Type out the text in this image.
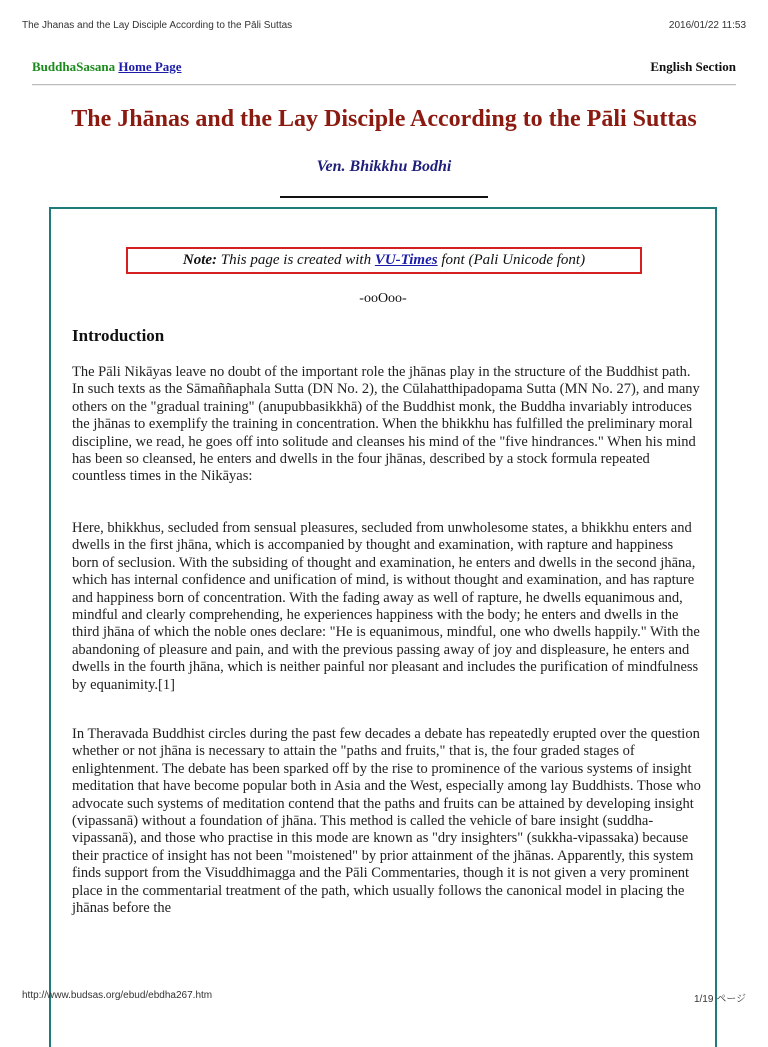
The Jhanas and the Lay Disciple According to the Pāli Suttas	2016/01/22 11:53
BuddhaSasana Home Page	English Section
The Jhānas and the Lay Disciple According to the Pāli Suttas
Ven. Bhikkhu Bodhi
Note: This page is created with VU-Times font (Pali Unicode font)
-ooOoo-
Introduction
The Pāli Nikāyas leave no doubt of the important role the jhānas play in the structure of the Buddhist path. In such texts as the Sāmaññaphala Sutta (DN No. 2), the Cūlahatthipadopama Sutta (MN No. 27), and many others on the "gradual training" (anupubbasikkhā) of the Buddhist monk, the Buddha invariably introduces the jhānas to exemplify the training in concentration. When the bhikkhu has fulfilled the preliminary moral discipline, we read, he goes off into solitude and cleanses his mind of the "five hindrances." When his mind has been so cleansed, he enters and dwells in the four jhānas, described by a stock formula repeated countless times in the Nikāyas:
Here, bhikkhus, secluded from sensual pleasures, secluded from unwholesome states, a bhikkhu enters and dwells in the first jhāna, which is accompanied by thought and examination, with rapture and happiness born of seclusion. With the subsiding of thought and examination, he enters and dwells in the second jhāna, which has internal confidence and unification of mind, is without thought and examination, and has rapture and happiness born of concentration. With the fading away as well of rapture, he dwells equanimous and, mindful and clearly comprehending, he experiences happiness with the body; he enters and dwells in the third jhāna of which the noble ones declare: "He is equanimous, mindful, one who dwells happily." With the abandoning of pleasure and pain, and with the previous passing away of joy and displeasure, he enters and dwells in the fourth jhāna, which is neither painful nor pleasant and includes the purification of mindfulness by equanimity.[1]
In Theravada Buddhist circles during the past few decades a debate has repeatedly erupted over the question whether or not jhāna is necessary to attain the "paths and fruits," that is, the four graded stages of enlightenment. The debate has been sparked off by the rise to prominence of the various systems of insight meditation that have become popular both in Asia and the West, especially among lay Buddhists. Those who advocate such systems of meditation contend that the paths and fruits can be attained by developing insight (vipassanā) without a foundation of jhāna. This method is called the vehicle of bare insight (suddha-vipassanā), and those who practise in this mode are known as "dry insighters" (sukkha-vipassaka) because their practice of insight has not been "moistened" by prior attainment of the jhānas. Apparently, this system finds support from the Visuddhimagga and the Pāli Commentaries, though it is not given a very prominent place in the commentarial treatment of the path, which usually follows the canonical model in placing the jhānas before the
http://www.budsas.org/ebud/ebdha267.htm	1/19 ページ
